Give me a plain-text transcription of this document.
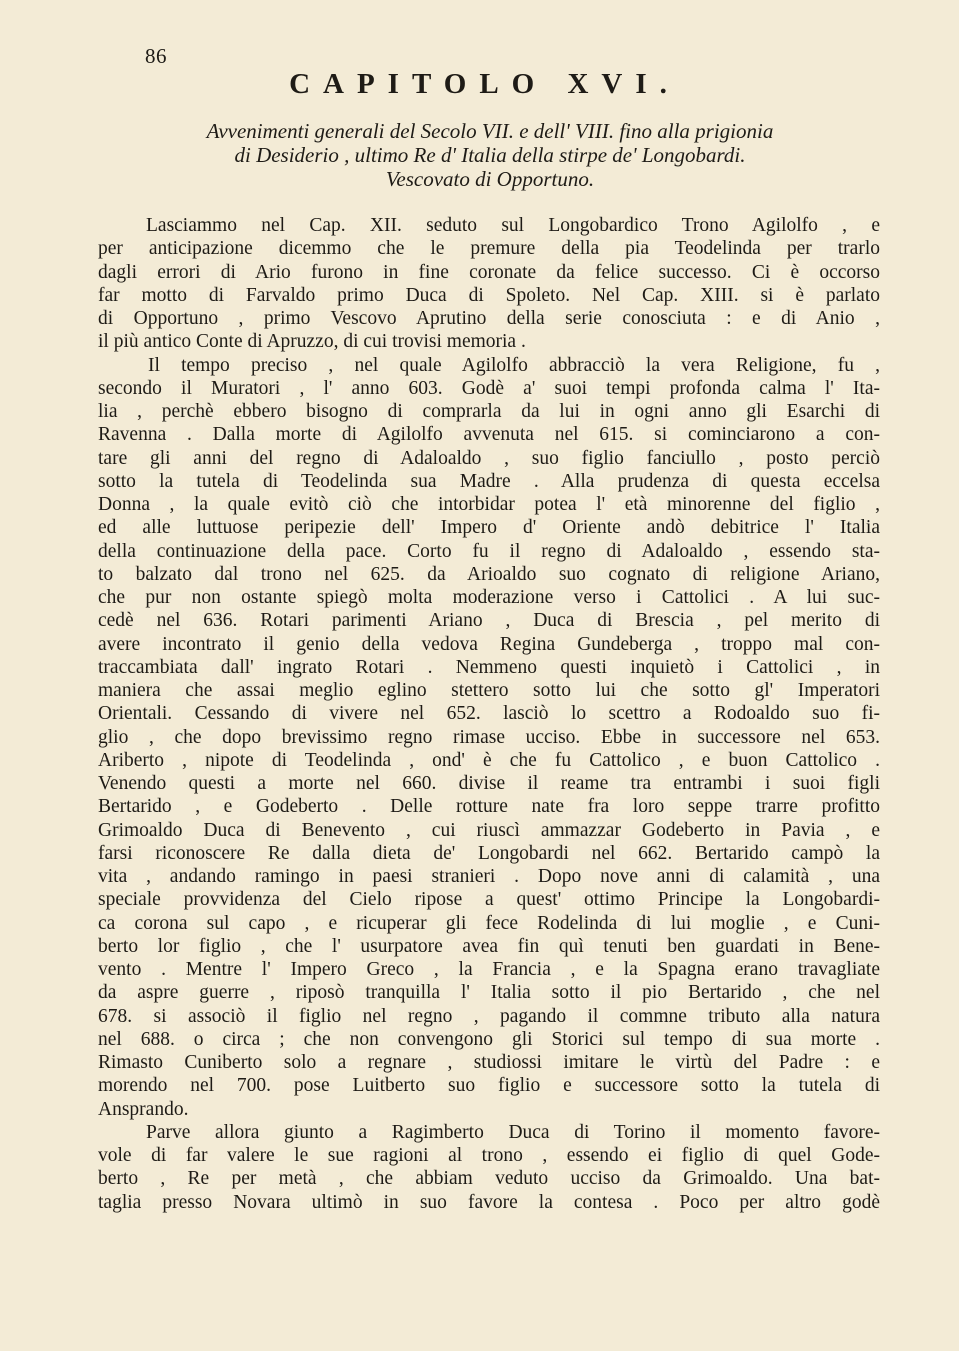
86
CAPITOLO XVI.
Avvenimenti generali del Secolo VII. e dell' VIII. fino alla prigionia
di Desiderio , ultimo Re d' Italia della stirpe de' Longobardi.
Vescovato di Opportuno.
Lasciammo nel Cap. XII. seduto sul Longobardico Trono Agilolfo , e
per anticipazione dicemmo che le premure della pia Teodelinda per trarlo
dagli errori di Ario furono in fine coronate da felice successo. Ci è occorso
far motto di Farvaldo primo Duca di Spoleto. Nel Cap. XIII. si è parlato
di Opportuno , primo Vescovo Aprutino della serie conosciuta : e di Anio ,
il più antico Conte di Apruzzo, di cui trovisi memoria .
Il tempo preciso , nel quale Agilolfo abbracciò la vera Religione, fu ,
secondo il Muratori , l' anno 603. Godè a' suoi tempi profonda calma l' Ita-
lia , perchè ebbero bisogno di comprarla da lui in ogni anno gli Esarchi di
Ravenna . Dalla morte di Agilolfo avvenuta nel 615. si cominciarono a con-
tare gli anni del regno di Adaloaldo , suo figlio fanciullo , posto perciò
sotto la tutela di Teodelinda sua Madre . Alla prudenza di questa eccelsa
Donna , la quale evitò ciò che intorbidar potea l' età minorenne del figlio ,
ed alle luttuose peripezie dell' Impero d' Oriente andò debitrice l' Italia
della continuazione della pace. Corto fu il regno di Adaloaldo , essendo sta-
to balzato dal trono nel 625. da Arioaldo suo cognato di religione Ariano,
che pur non ostante spiegò molta moderazione verso i Cattolici . A lui suc-
cedè nel 636. Rotari parimenti Ariano , Duca di Brescia , pel merito di
avere incontrato il genio della vedova Regina Gundeberga , troppo mal con-
traccambiata dall' ingrato Rotari . Nemmeno questi inquietò i Cattolici , in
maniera che assai meglio eglino stettero sotto lui che sotto gl' Imperatori
Orientali. Cessando di vivere nel 652. lasciò lo scettro a Rodoaldo suo fi-
glio , che dopo brevissimo regno rimase ucciso. Ebbe in successore nel 653.
Ariberto , nipote di Teodelinda , ond' è che fu Cattolico , e buon Cattolico .
Venendo questi a morte nel 660. divise il reame tra entrambi i suoi figli
Bertarido , e Godeberto . Delle rotture nate fra loro seppe trarre profitto
Grimoaldo Duca di Benevento , cui riuscì ammazzar Godeberto in Pavia , e
farsi riconoscere Re dalla dieta de' Longobardi nel 662. Bertarido campò la
vita , andando ramingo in paesi stranieri . Dopo nove anni di calamità , una
speciale provvidenza del Cielo ripose a quest' ottimo Principe la Longobardi-
ca corona sul capo , e ricuperar gli fece Rodelinda di lui moglie , e Cuni-
berto lor figlio , che l' usurpatore avea fin quì tenuti ben guardati in Bene-
vento . Mentre l' Impero Greco , la Francia , e la Spagna erano travagliate
da aspre guerre , riposò tranquilla l' Italia sotto il pio Bertarido , che nel
678. si associò il figlio nel regno , pagando il commne tributo alla natura
nel 688. o circa ; che non convengono gli Storici sul tempo di sua morte .
Rimasto Cuniberto solo a regnare , studiossi imitare le virtù del Padre : e
morendo nel 700. pose Luitberto suo figlio e successore sotto la tutela di
Ansprando.
Parve allora giunto a Ragimberto Duca di Torino il momento favore-
vole di far valere le sue ragioni al trono , essendo ei figlio di quel Gode-
berto , Re per metà , che abbiam veduto ucciso da Grimoaldo. Una bat-
taglia presso Novara ultimò in suo favore la contesa . Poco per altro godè
